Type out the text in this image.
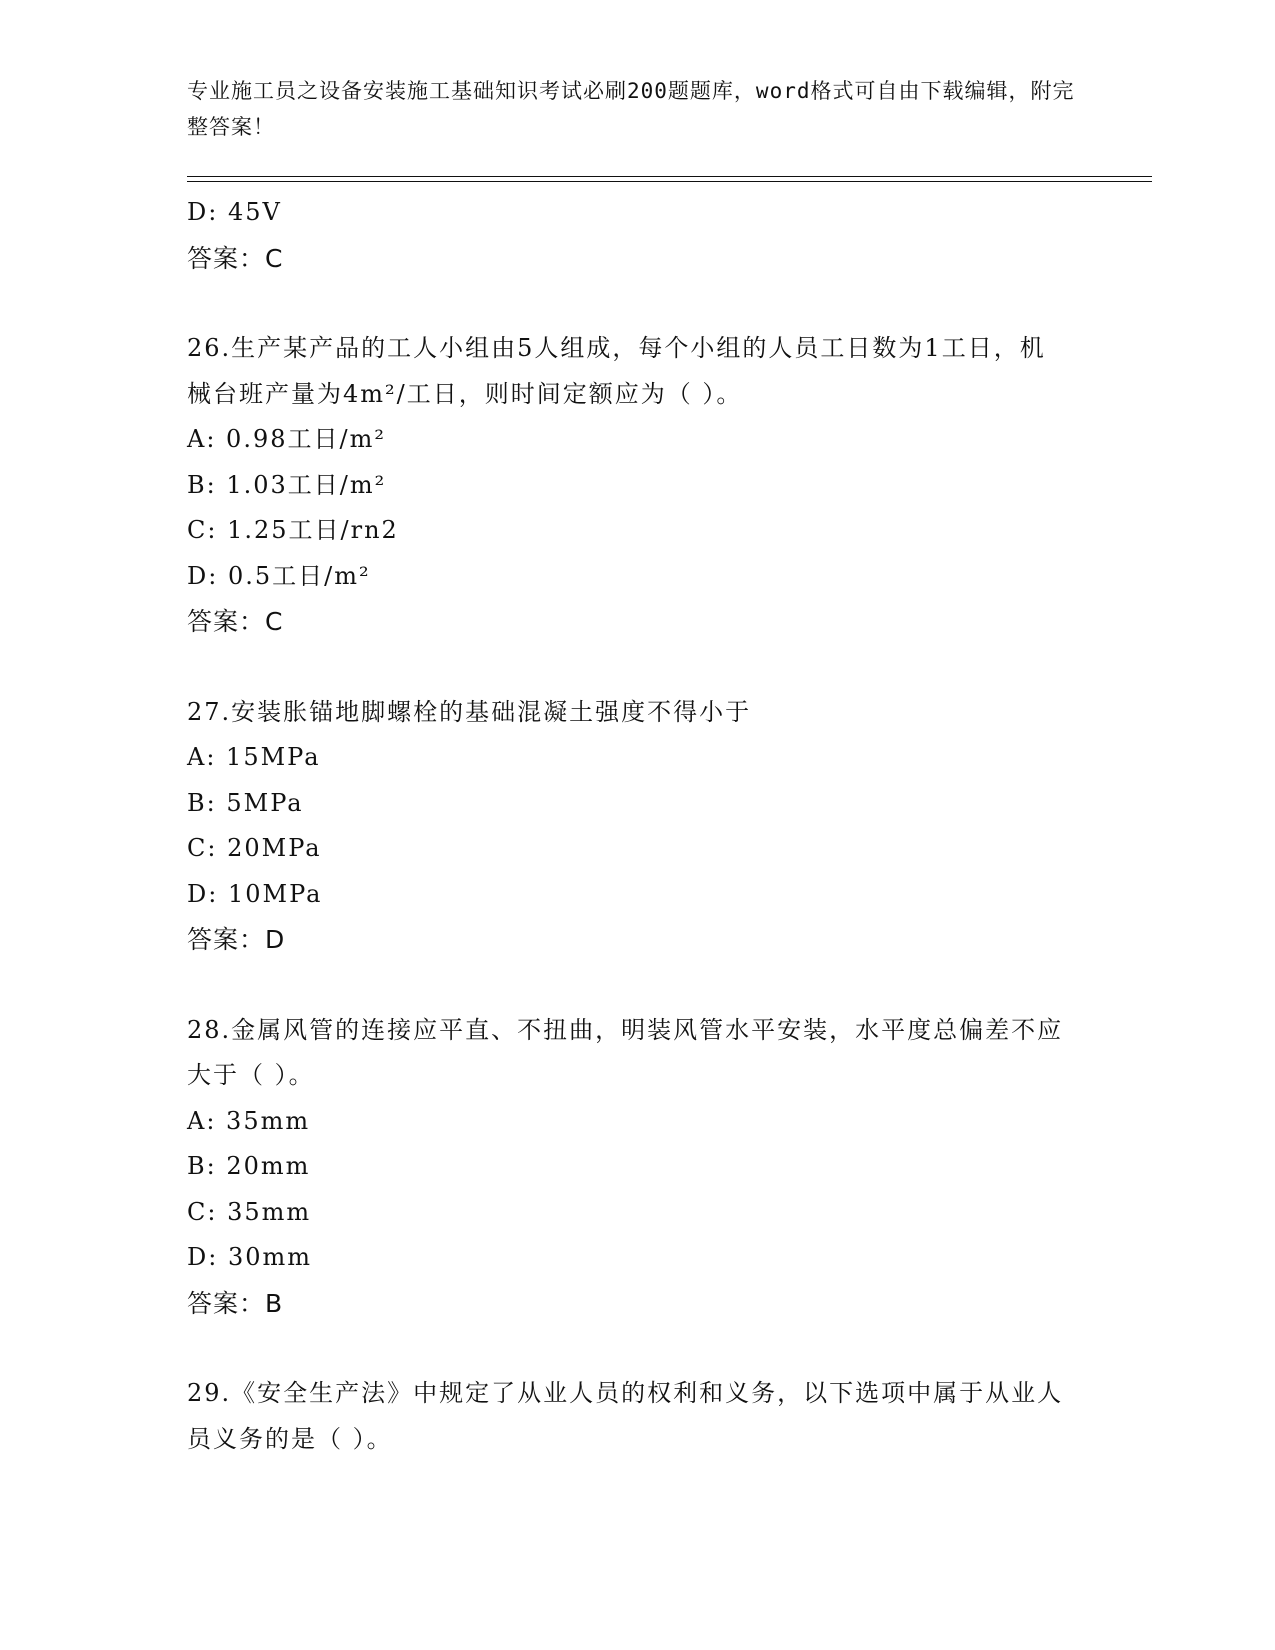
专业施工员之设备安装施工基础知识考试必刷200题题库，word格式可自由下载编辑，附完整答案！
D: 45V
答案：C
26.生产某产品的工人小组由5人组成，每个小组的人员工日数为1工日，机械台班产量为4m²/工日，则时间定额应为（ ）。
A: 0.98工日/m²
B: 1.03工日/m²
C: 1.25工日/rn2
D: 0.5工日/m²
答案：C
27.安装胀锚地脚螺栓的基础混凝土强度不得小于
A: 15MPa
B: 5MPa
C: 20MPa
D: 10MPa
答案：D
28.金属风管的连接应平直、不扭曲，明装风管水平安装，水平度总偏差不应大于（ ）。
A: 35mm
B: 20mm
C: 35mm
D: 30mm
答案：B
29.《安全生产法》中规定了从业人员的权利和义务，以下选项中属于从业人员义务的是（ ）。
